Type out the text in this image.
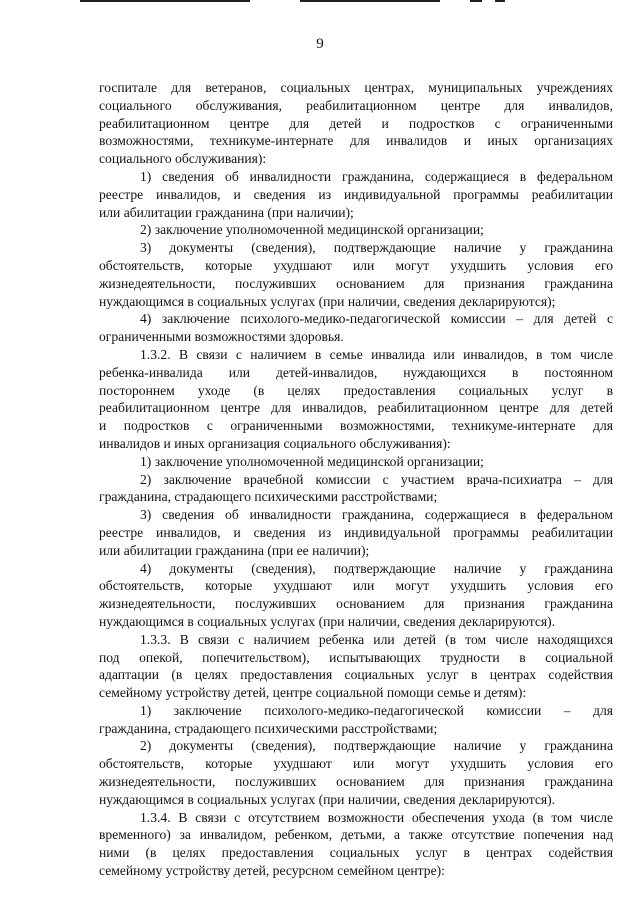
9
госпитале для ветеранов, социальных центрах, муниципальных учреждениях
социального обслуживания, реабилитационном центре для инвалидов,
реабилитационном центре для детей и подростков с ограниченными
возможностями, техникуме-интернате для инвалидов и иных организациях
социального обслуживания):
1) сведения об инвалидности гражданина, содержащиеся в федеральном
реестре инвалидов, и сведения из индивидуальной программы реабилитации
или абилитации гражданина (при наличии);
2) заключение уполномоченной медицинской организации;
3) документы (сведения), подтверждающие наличие у гражданина
обстоятельств, которые ухудшают или могут ухудшить условия его
жизнедеятельности, послуживших основанием для признания гражданина
нуждающимся в социальных услугах (при наличии, сведения декларируются);
4) заключение психолого-медико-педагогической комиссии – для детей с
ограниченными возможностями здоровья.
1.3.2. В связи с наличием в семье инвалида или инвалидов, в том числе
ребенка-инвалида или детей-инвалидов, нуждающихся в постоянном
постороннем уходе (в целях предоставления социальных услуг в
реабилитационном центре для инвалидов, реабилитационном центре для детей
и подростков с ограниченными возможностями, техникуме-интернате для
инвалидов и иных организация социального обслуживания):
1) заключение уполномоченной медицинской организации;
2) заключение врачебной комиссии с участием врача-психиатра – для
гражданина, страдающего психическими расстройствами;
3) сведения об инвалидности гражданина, содержащиеся в федеральном
реестре инвалидов, и сведения из индивидуальной программы реабилитации
или абилитации гражданина (при ее наличии);
4) документы (сведения), подтверждающие наличие у гражданина
обстоятельств, которые ухудшают или могут ухудшить условия его
жизнедеятельности, послуживших основанием для признания гражданина
нуждающимся в социальных услугах (при наличии, сведения декларируются).
1.3.3. В связи с наличием ребенка или детей (в том числе находящихся
под опекой, попечительством), испытывающих трудности в социальной
адаптации (в целях предоставления социальных услуг в центрах содействия
семейному устройству детей, центре социальной помощи семье и детям):
1) заключение психолого-медико-педагогической комиссии – для
гражданина, страдающего психическими расстройствами;
2) документы (сведения), подтверждающие наличие у гражданина
обстоятельств, которые ухудшают или могут ухудшить условия его
жизнедеятельности, послуживших основанием для признания гражданина
нуждающимся в социальных услугах (при наличии, сведения декларируются).
1.3.4. В связи с отсутствием возможности обеспечения ухода (в том числе
временного) за инвалидом, ребенком, детьми, а также отсутствие попечения над
ними (в целях предоставления социальных услуг в центрах содействия
семейному устройству детей, ресурсном семейном центре):
